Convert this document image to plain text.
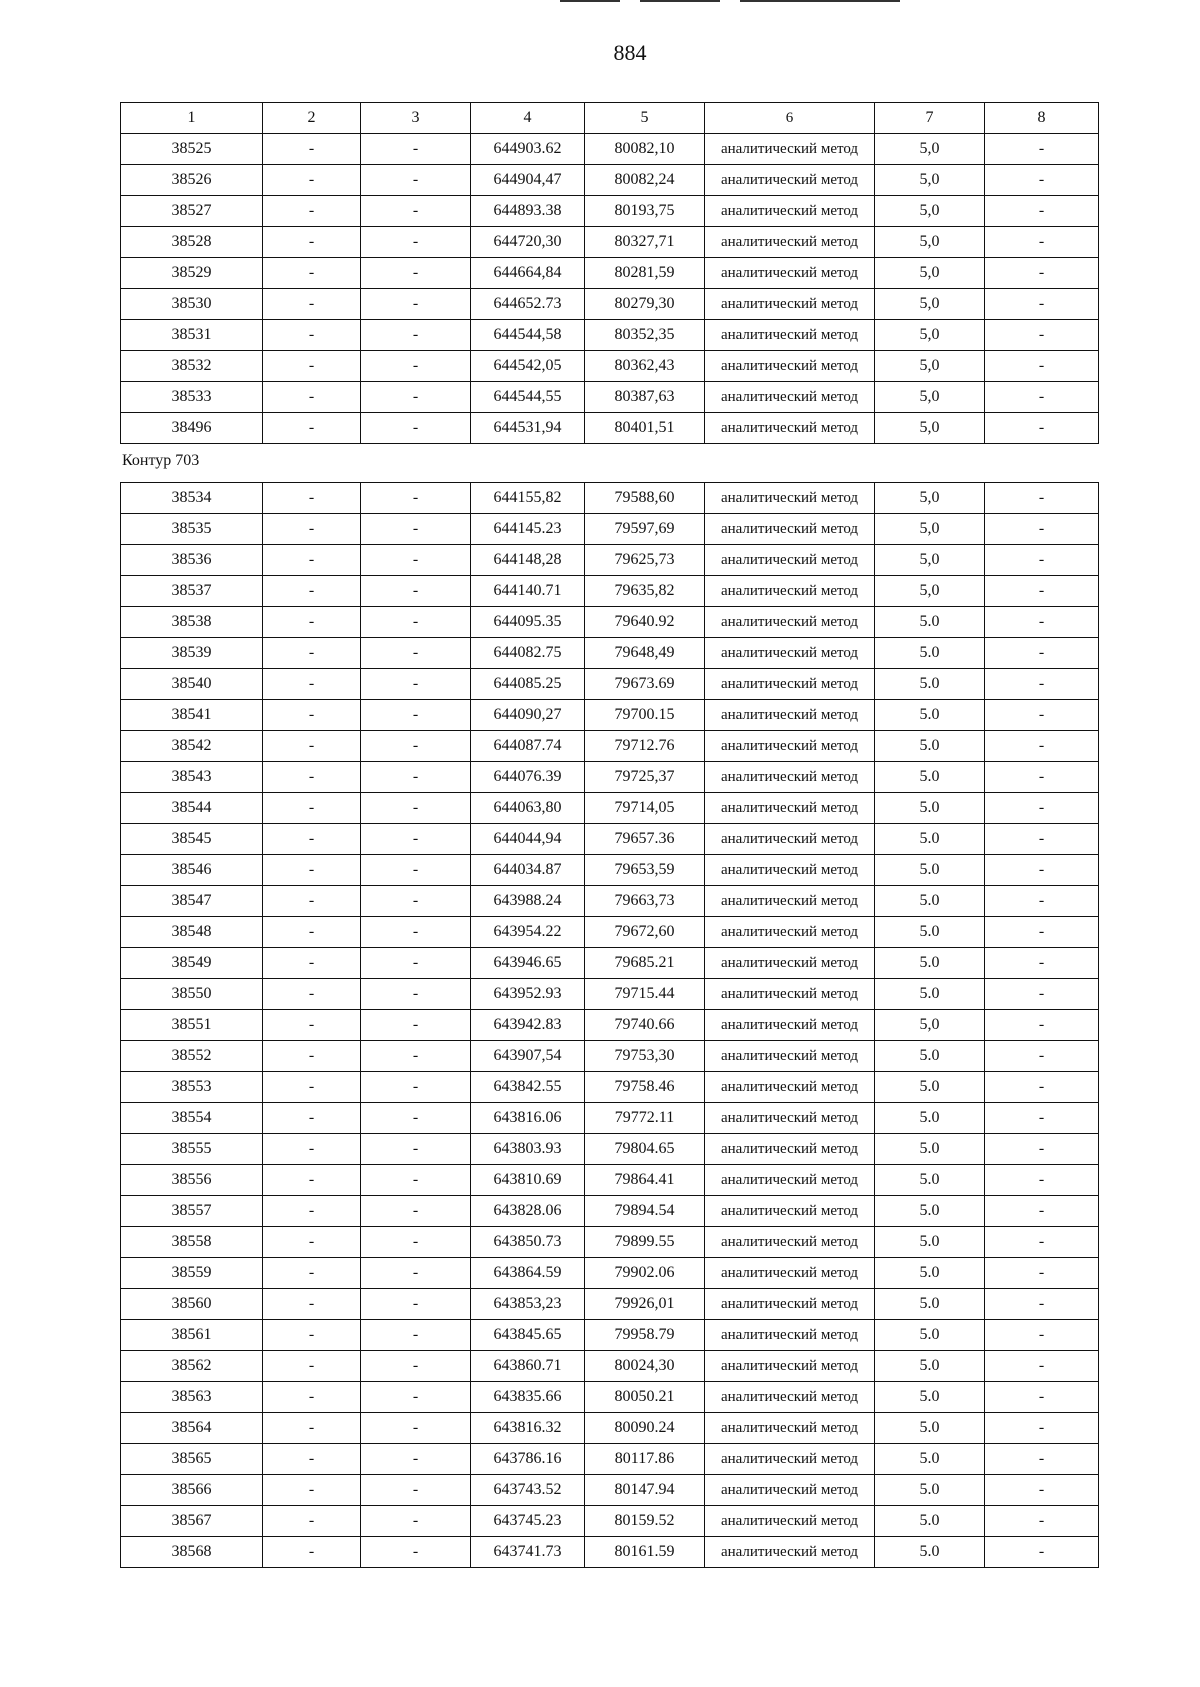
884
1	2	3	4	5	6	7	8
38525	-	-	644903.62	80082,10	аналитический метод	5,0	-
38526	-	-	644904,47	80082,24	аналитический метод	5,0	-
38527	-	-	644893.38	80193,75	аналитический метод	5,0	-
38528	-	-	644720,30	80327,71	аналитический метод	5,0	-
38529	-	-	644664,84	80281,59	аналитический метод	5,0	-
38530	-	-	644652.73	80279,30	аналитический метод	5,0	-
38531	-	-	644544,58	80352,35	аналитический метод	5,0	-
38532	-	-	644542,05	80362,43	аналитический метод	5,0	-
38533	-	-	644544,55	80387,63	аналитический метод	5,0	-
38496	-	-	644531,94	80401,51	аналитический метод	5,0	-
Контур 703
38534	-	-	644155,82	79588,60	аналитический метод	5,0	-
38535	-	-	644145.23	79597,69	аналитический метод	5,0	-
38536	-	-	644148,28	79625,73	аналитический метод	5,0	-
38537	-	-	644140.71	79635,82	аналитический метод	5,0	-
38538	-	-	644095.35	79640.92	аналитический метод	5.0	-
38539	-	-	644082.75	79648,49	аналитический метод	5.0	-
38540	-	-	644085.25	79673.69	аналитический метод	5.0	-
38541	-	-	644090,27	79700.15	аналитический метод	5.0	-
38542	-	-	644087.74	79712.76	аналитический метод	5.0	-
38543	-	-	644076.39	79725,37	аналитический метод	5.0	-
38544	-	-	644063,80	79714,05	аналитический метод	5.0	-
38545	-	-	644044,94	79657.36	аналитический метод	5.0	-
38546	-	-	644034.87	79653,59	аналитический метод	5.0	-
38547	-	-	643988.24	79663,73	аналитический метод	5.0	-
38548	-	-	643954.22	79672,60	аналитический метод	5.0	-
38549	-	-	643946.65	79685.21	аналитический метод	5.0	-
38550	-	-	643952.93	79715.44	аналитический метод	5.0	-
38551	-	-	643942.83	79740.66	аналитический метод	5,0	-
38552	-	-	643907,54	79753,30	аналитический метод	5.0	-
38553	-	-	643842.55	79758.46	аналитический метод	5.0	-
38554	-	-	643816.06	79772.11	аналитический метод	5.0	-
38555	-	-	643803.93	79804.65	аналитический метод	5.0	-
38556	-	-	643810.69	79864.41	аналитический метод	5.0	-
38557	-	-	643828.06	79894.54	аналитический метод	5.0	-
38558	-	-	643850.73	79899.55	аналитический метод	5.0	-
38559	-	-	643864.59	79902.06	аналитический метод	5.0	-
38560	-	-	643853,23	79926,01	аналитический метод	5.0	-
38561	-	-	643845.65	79958.79	аналитический метод	5.0	-
38562	-	-	643860.71	80024,30	аналитический метод	5.0	-
38563	-	-	643835.66	80050.21	аналитический метод	5.0	-
38564	-	-	643816.32	80090.24	аналитический метод	5.0	-
38565	-	-	643786.16	80117.86	аналитический метод	5.0	-
38566	-	-	643743.52	80147.94	аналитический метод	5.0	-
38567	-	-	643745.23	80159.52	аналитический метод	5.0	-
38568	-	-	643741.73	80161.59	аналитический метод	5.0	-
